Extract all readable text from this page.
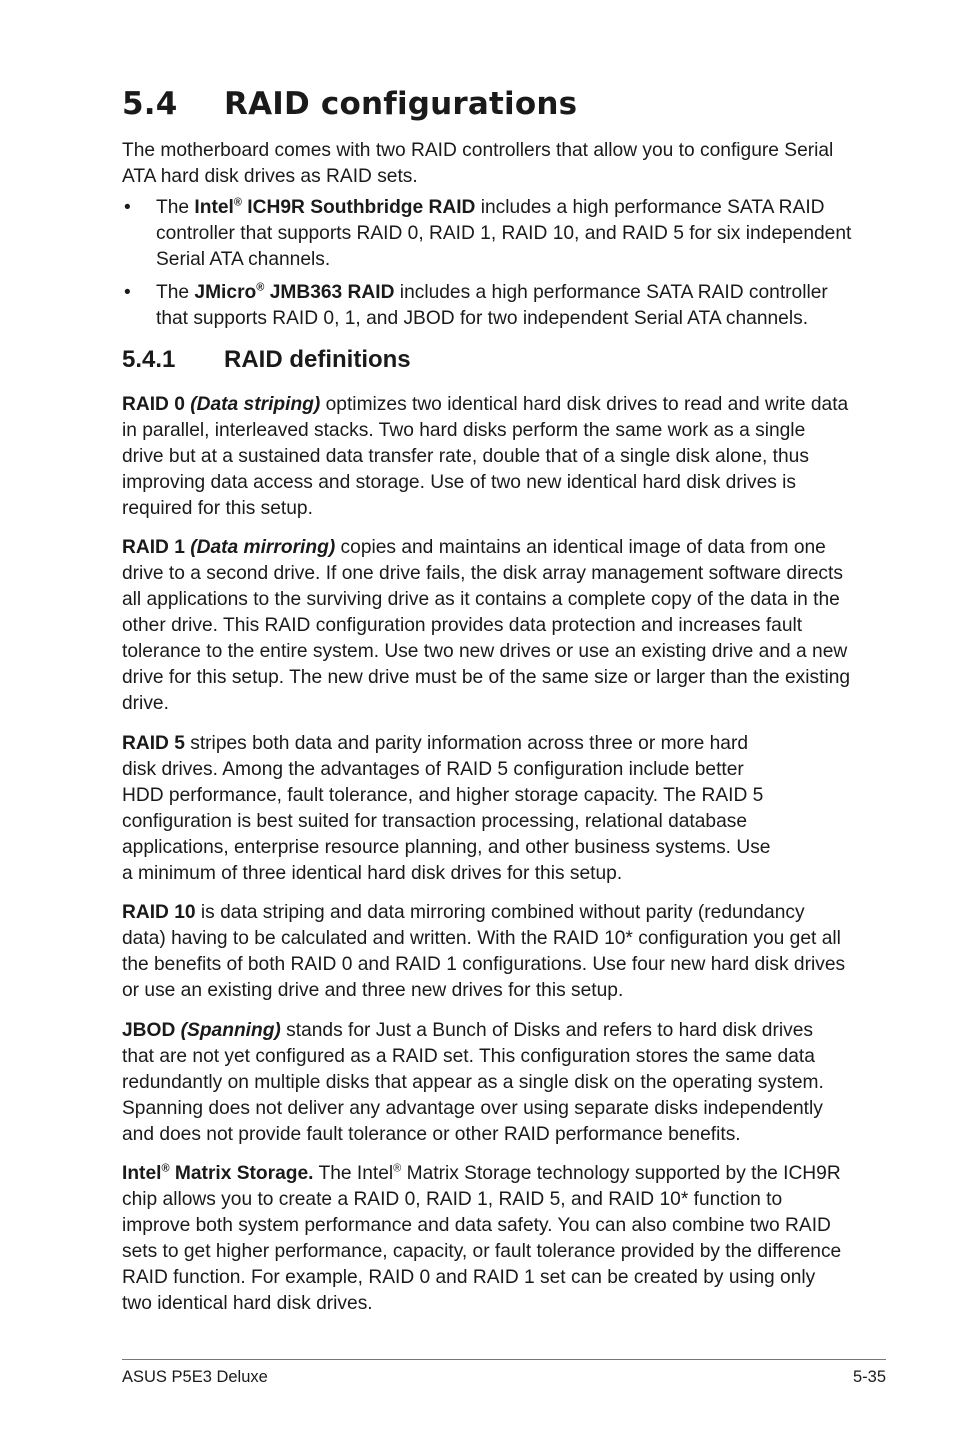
5.4 RAID configurations

The motherboard comes with two RAID controllers that allow you to configure Serial ATA hard disk drives as RAID sets.

• The Intel® ICH9R Southbridge RAID includes a high performance SATA RAID controller that supports RAID 0, RAID 1, RAID 10, and RAID 5 for six independent Serial ATA channels.
• The JMicro® JMB363 RAID includes a high performance SATA RAID controller that supports RAID 0, 1, and JBOD for two independent Serial ATA channels.
5.4.1 RAID definitions

RAID 0 (Data striping) optimizes two identical hard disk drives to read and write data in parallel, interleaved stacks. Two hard disks perform the same work as a single drive but at a sustained data transfer rate, double that of a single disk alone, thus improving data access and storage. Use of two new identical hard disk drives is required for this setup.

RAID 1 (Data mirroring) copies and maintains an identical image of data from one drive to a second drive. If one drive fails, the disk array management software directs all applications to the surviving drive as it contains a complete copy of the data in the other drive. This RAID configuration provides data protection and increases fault tolerance to the entire system. Use two new drives or use an existing drive and a new drive for this setup. The new drive must be of the same size or larger than the existing drive.

RAID 5 stripes both data and parity information across three or more hard disk drives. Among the advantages of RAID 5 configuration include better HDD performance, fault tolerance, and higher storage capacity. The RAID 5 configuration is best suited for transaction processing, relational database applications, enterprise resource planning, and other business systems. Use a minimum of three identical hard disk drives for this setup.

RAID 10 is data striping and data mirroring combined without parity (redundancy data) having to be calculated and written. With the RAID 10* configuration you get all the benefits of both RAID 0 and RAID 1 configurations. Use four new hard disk drives or use an existing drive and three new drives for this setup.

JBOD (Spanning) stands for Just a Bunch of Disks and refers to hard disk drives that are not yet configured as a RAID set. This configuration stores the same data redundantly on multiple disks that appear as a single disk on the operating system. Spanning does not deliver any advantage over using separate disks independently and does not provide fault tolerance or other RAID performance benefits.

Intel® Matrix Storage. The Intel® Matrix Storage technology supported by the ICH9R chip allows you to create a RAID 0, RAID 1, RAID 5, and RAID 10* function to improve both system performance and data safety. You can also combine two RAID sets to get higher performance, capacity, or fault tolerance provided by the difference RAID function. For example, RAID 0 and RAID 1 set can be created by using only two identical hard disk drives.

ASUS P5E3 Deluxe	5-35
